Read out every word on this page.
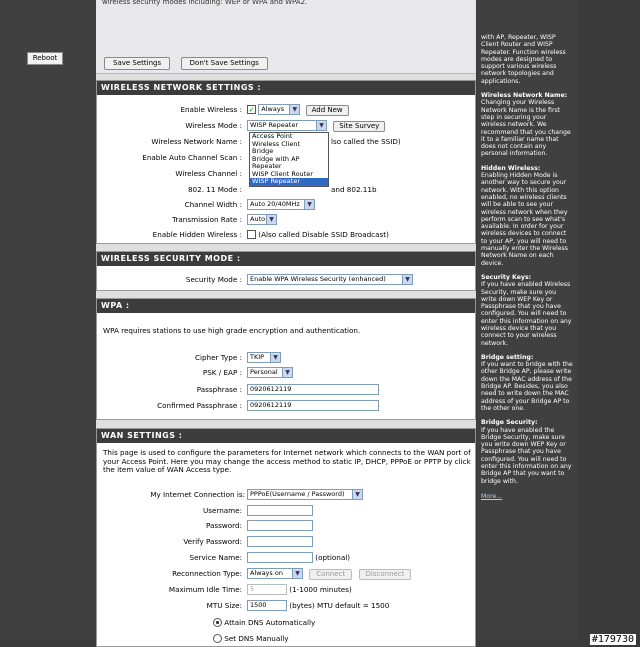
Reboot
wireless security modes including: WEP or WPA and WPA2.
Save Settings	Don't Save Settings
WIRELESS NETWORK SETTINGS :
Enable Wireless : ✓ Always	▼	Add New
Wireless Mode :	WISP Repeater	▼	Site Survey
Wireless Network Name :	lso called the SSID)
Enable Auto Channel Scan :
Wireless Channel :
802. 11 Mode :	and 802.11b
Channel Width :	Auto 20/40MHz	▼
Transmission Rate :	Auto ▼
Enable Hidden Wireless :	(Also called Disable SSID Broadcast)
Access Point
Wireless Client
Bridge
Bridge with AP
Repeater
WISP Client Router
WISP Repeater
WIRELESS SECURITY MODE :
Security Mode :	Enable WPA Wireless Security (enhanced)	▼
WPA :
WPA requires stations to use high grade encryption and authentication.
Cipher Type :	TKIP	▼
PSK / EAP :	Personal	▼
Passphrase :	0920612119
Confirmed Passphrase :	0920612119
WAN SETTINGS :
This page is used to configure the parameters for Internet network which connects to the WAN port of your Access Point. Here you may change the access method to static IP, DHCP, PPPoE or PPTP by click the item value of WAN Access type.
My Internet Connection is: PPPoE(Username / Password)	▼
Username:
Password:
Verify Password:
Service Name:	(optional)
Reconnection Type:	Always on	▼	Connect	Disconnect
Maximum Idle Time:	5	(1-1000 minutes)
MTU Size:	1500	(bytes) MTU default = 1500
Attain DNS Automatically
Set DNS Manually

with AP, Repeater, WISP Client Router and WISP Repeater. Function wireless modes are designed to support various wireless network topologies and applications.

Wireless Network Name:

Changing your Wireless Network Name is the first step in securing your wireless network. We recommend that you change it to a familiar name that does not contain any personal information.

Hidden Wireless:

Enabling Hidden Mode is another way to secure your network. With this option enabled, no wireless clients will be able to see your wireless network when they perform scan to see what's available. In order for your wireless devices to connect to your AP, you will need to manually enter the Wireless Network Name on each device.

Security Keys:

If you have enabled Wireless Security, make sure you write down WEP Key or Passphrase that you have configured. You will need to enter this information on any wireless device that you connect to your wireless network.

Bridge setting:

If you want to bridge with the other Bridge AP, please write down the MAC address of the Bridge AP. Besides, you also need to write down the MAC address of your Bridge AP to the other one.

Bridge Security:

If you have enabled the Bridge Security, make sure you write down WEP Key or Passphrase that you have configured. You will need to enter this information on any Bridge AP that you want to bridge with.

More...
#179730
